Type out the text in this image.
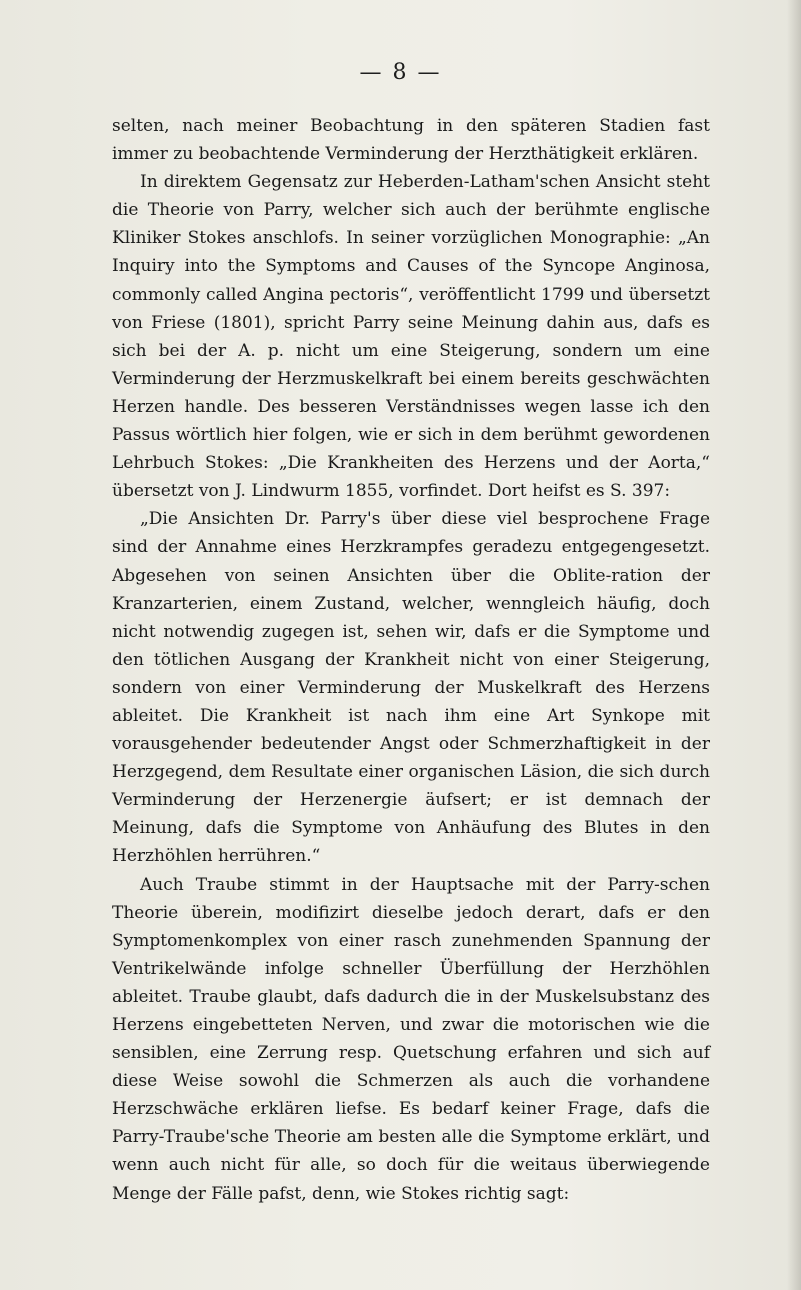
— 8 —

selten, nach meiner Beobachtung in den späteren Stadien fast immer zu beobachtende Verminderung der Herzthätigkeit erklären.

In direktem Gegensatz zur Heberden-Latham'schen Ansicht steht die Theorie von Parry, welcher sich auch der berühmte englische Kliniker Stokes anschlofs. In seiner vorzüglichen Monographie: „An Inquiry into the Symptoms and Causes of the Syncope Anginosa, commonly called Angina pectoris“, veröffentlicht 1799 und übersetzt von Friese (1801), spricht Parry seine Meinung dahin aus, dafs es sich bei der A. p. nicht um eine Steigerung, sondern um eine Verminderung der Herzmuskelkraft bei einem bereits geschwächten Herzen handle. Des besseren Verständnisses wegen lasse ich den Passus wörtlich hier folgen, wie er sich in dem berühmt gewordenen Lehrbuch Stokes: „Die Krankheiten des Herzens und der Aorta,“ übersetzt von J. Lindwurm 1855, vorfindet. Dort heifst es S. 397:

„Die Ansichten Dr. Parry's über diese viel besprochene Frage sind der Annahme eines Herzkrampfes geradezu entgegengesetzt. Abgesehen von seinen Ansichten über die Oblite-ration der Kranzarterien, einem Zustand, welcher, wenngleich häufig, doch nicht notwendig zugegen ist, sehen wir, dafs er die Symptome und den tötlichen Ausgang der Krankheit nicht von einer Steigerung, sondern von einer Verminderung der Muskelkraft des Herzens ableitet. Die Krankheit ist nach ihm eine Art Synkope mit vorausgehender bedeutender Angst oder Schmerzhaftigkeit in der Herzgegend, dem Resultate einer organischen Läsion, die sich durch Verminderung der Herzenergie äufsert; er ist demnach der Meinung, dafs die Symptome von Anhäufung des Blutes in den Herzhöhlen herrühren.“

Auch Traube stimmt in der Hauptsache mit der Parry-schen Theorie überein, modifizirt dieselbe jedoch derart, dafs er den Symptomenkomplex von einer rasch zunehmenden Spannung der Ventrikelwände infolge schneller Überfüllung der Herzhöhlen ableitet. Traube glaubt, dafs dadurch die in der Muskelsubstanz des Herzens eingebetteten Nerven, und zwar die motorischen wie die sensiblen, eine Zerrung resp. Quetschung erfahren und sich auf diese Weise sowohl die Schmerzen als auch die vorhandene Herzschwäche erklären liefse. Es bedarf keiner Frage, dafs die Parry-Traube'sche Theorie am besten alle die Symptome erklärt, und wenn auch nicht für alle, so doch für die weitaus überwiegende Menge der Fälle pafst, denn, wie Stokes richtig sagt:
